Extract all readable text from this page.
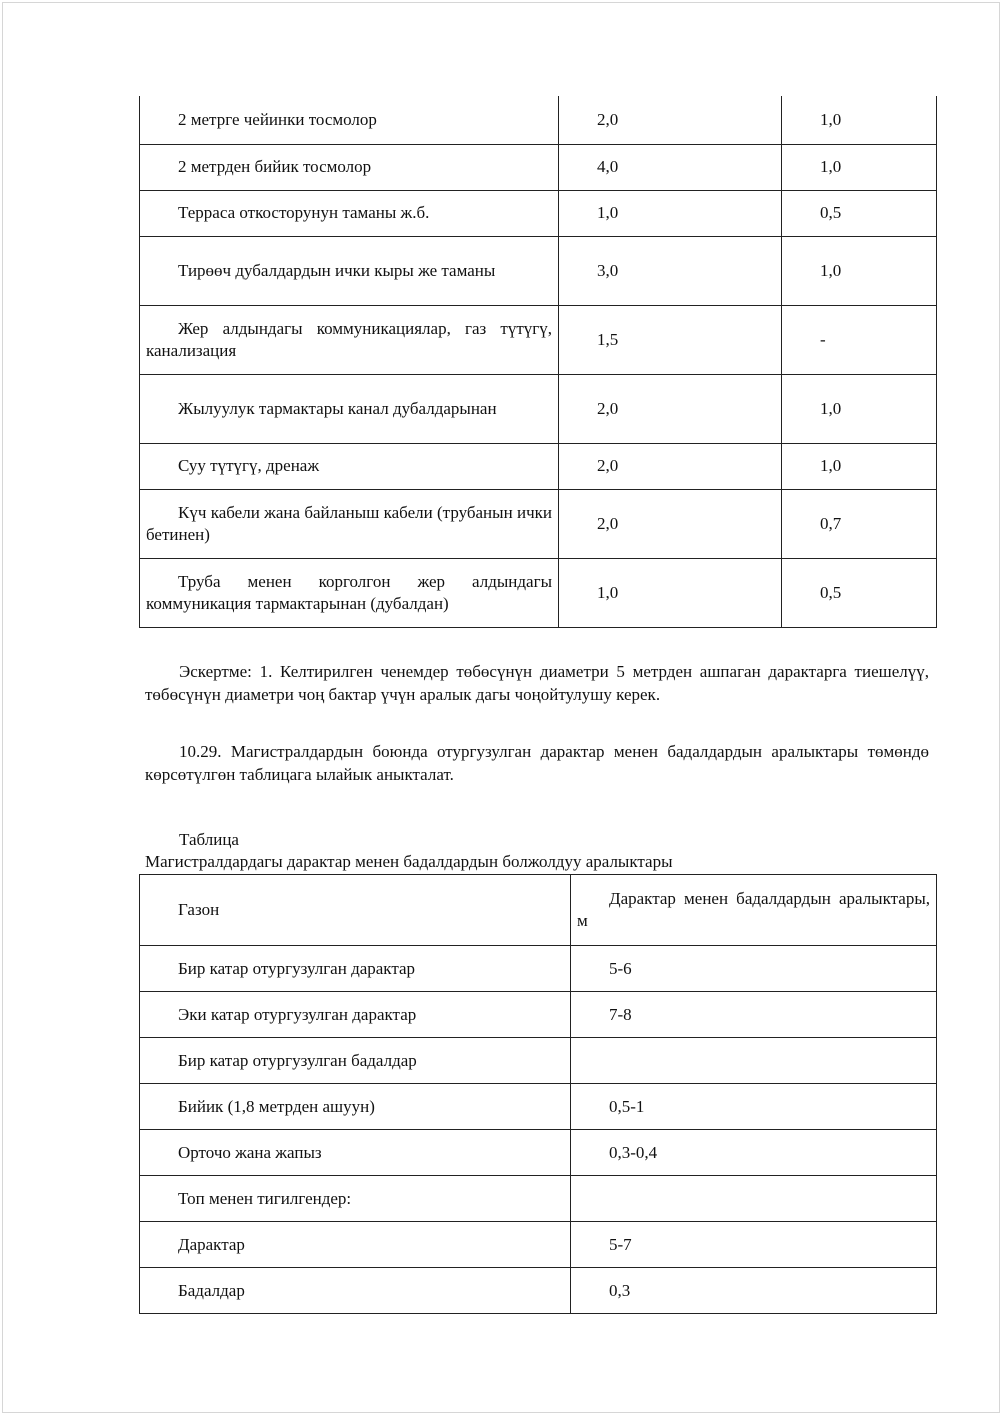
2 метрге чейинки тосмолор	2,0	1,0

2 метрден бийик тосмолор	4,0	1,0

Терраса откосторунун таманы ж.б.	1,0	0,5

Тирөөч дубалдардын ички кыры же таманы	3,0	1,0

Жер алдындагы коммуникациялар, газ түтүгү, канализация	1,5	-

Жылуулук тармактары канал дубалдарынан	2,0	1,0

Суу түтүгү, дренаж	2,0	1,0

Күч кабели жана байланыш кабели (трубанын ички бетинен)	2,0	0,7

Труба менен корголгон жер алдындагы коммуникация тармактарынан (дубалдан)	1,0	0,5

Эскертме: 1. Келтирилген ченемдер төбөсүнүн диаметри 5 метрден ашпаган дарактарга тиешелүү, төбөсүнүн диаметри чоң бактар үчүн аралык дагы чоңойтулушу керек.

10.29. Магистралдардын боюнда отургузулган дарактар менен бадалдардын аралыктары төмөндө көрсөтүлгөн таблицага ылайык аныкталат.

Таблица

Магистралдардагы дарактар менен бадалдардын болжолдуу аралыктары

Газон	Дарактар менен бадалдардын аралыктары, м

Бир катар отургузулган дарактар	5-6
Эки катар отургузулган дарактар	7-8
Бир катар отургузулган бадалдар	
Бийик (1,8 метрден ашуун)	0,5-1
Орточо жана жапыз	0,3-0,4
Топ менен тигилгендер:	
Дарактар	5-7
Бадалдар	0,3
